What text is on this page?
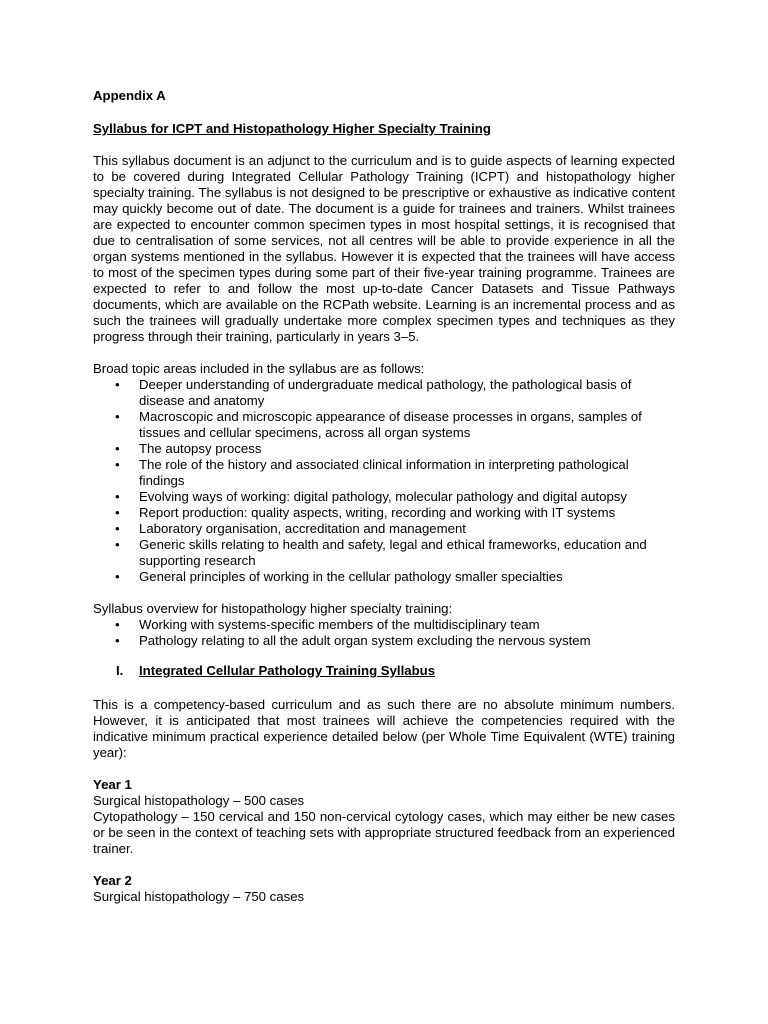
Appendix A
Syllabus for ICPT and Histopathology Higher Specialty Training

This syllabus document is an adjunct to the curriculum and is to guide aspects of learning expected to be covered during Integrated Cellular Pathology Training (ICPT) and histopathology higher specialty training. The syllabus is not designed to be prescriptive or exhaustive as indicative content may quickly become out of date. The document is a guide for trainees and trainers. Whilst trainees are expected to encounter common specimen types in most hospital settings, it is recognised that due to centralisation of some services, not all centres will be able to provide experience in all the organ systems mentioned in the syllabus. However it is expected that the trainees will have access to most of the specimen types during some part of their five-year training programme. Trainees are expected to refer to and follow the most up-to-date Cancer Datasets and Tissue Pathways documents, which are available on the RCPath website. Learning is an incremental process and as such the trainees will gradually undertake more complex specimen types and techniques as they progress through their training, particularly in years 3–5.

Broad topic areas included in the syllabus are as follows:

• Deeper understanding of undergraduate medical pathology, the pathological basis of disease and anatomy
• Macroscopic and microscopic appearance of disease processes in organs, samples of tissues and cellular specimens, across all organ systems
• The autopsy process
• The role of the history and associated clinical information in interpreting pathological findings
• Evolving ways of working: digital pathology, molecular pathology and digital autopsy
• Report production: quality aspects, writing, recording and working with IT systems
• Laboratory organisation, accreditation and management
• Generic skills relating to health and safety, legal and ethical frameworks, education and supporting research
• General principles of working in the cellular pathology smaller specialties

Syllabus overview for histopathology higher specialty training:

• Working with systems-specific members of the multidisciplinary team
• Pathology relating to all the adult organ system excluding the nervous system
I. Integrated Cellular Pathology Training Syllabus

This is a competency-based curriculum and as such there are no absolute minimum numbers. However, it is anticipated that most trainees will achieve the competencies required with the indicative minimum practical experience detailed below (per Whole Time Equivalent (WTE) training year):

Year 1

Surgical histopathology – 500 cases

Cytopathology – 150 cervical and 150 non-cervical cytology cases, which may either be new cases or be seen in the context of teaching sets with appropriate structured feedback from an experienced trainer.

Year 2

Surgical histopathology – 750 cases
